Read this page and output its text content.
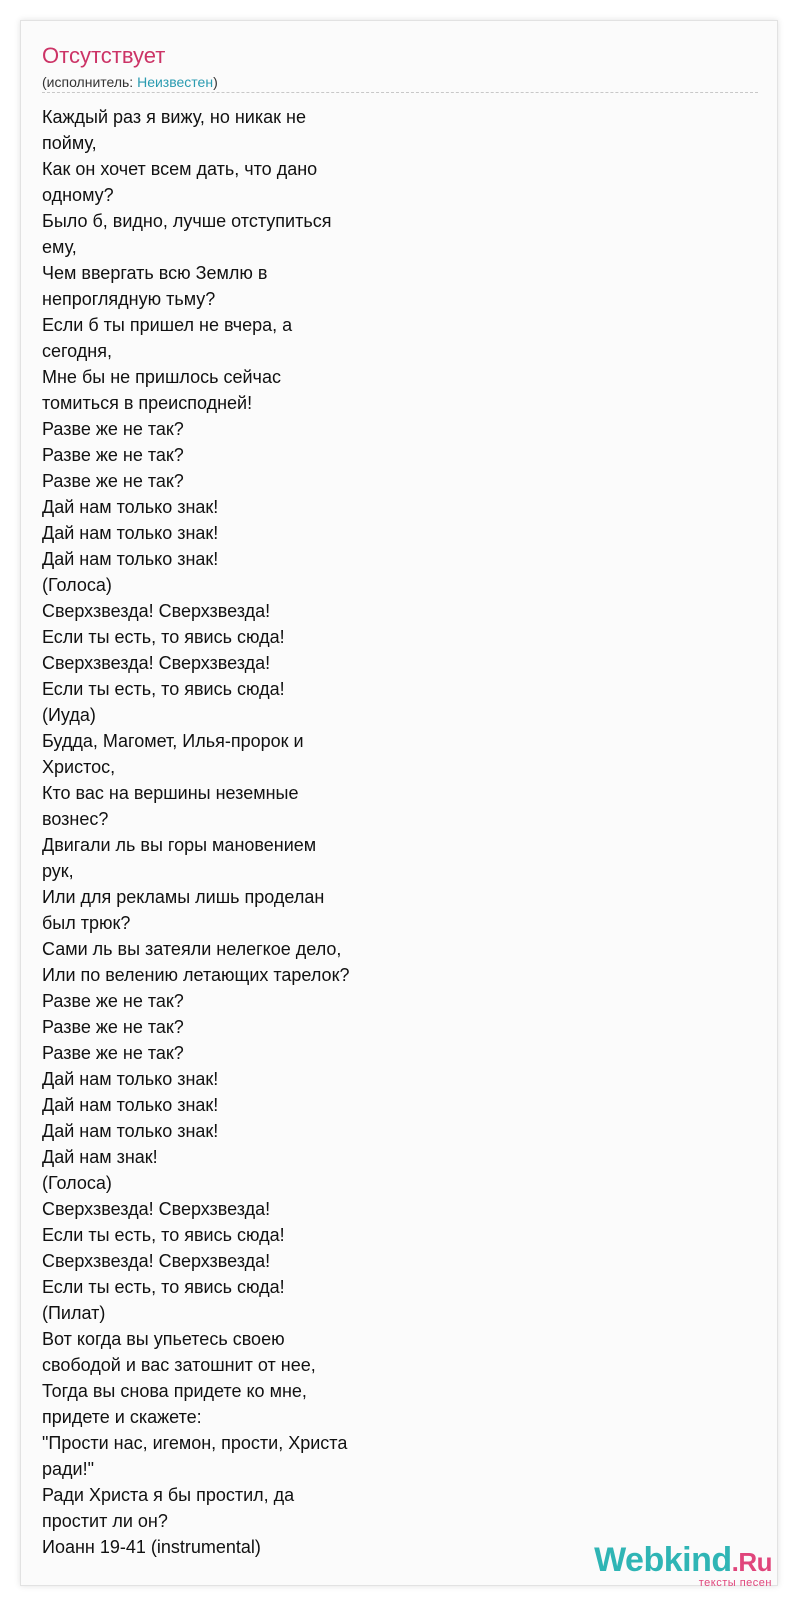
Отсутствует
(исполнитель: Неизвестен)
Каждый раз я вижу, но никак не
пойму,
Как он хочет всем дать, что дано
одному?
Было б, видно, лучше отступиться
ему,
Чем ввергать всю Землю в
непроглядную тьму?
Если б ты пришел не вчера, а
сегодня,
Мне бы не пришлось сейчас
томиться в преисподней!
Разве же не так?
Разве же не так?
Разве же не так?
Дай нам только знак!
Дай нам только знак!
Дай нам только знак!
(Голоса)
Сверхзвезда! Сверхзвезда!
Если ты есть, то явись сюда!
Сверхзвезда! Сверхзвезда!
Если ты есть, то явись сюда!
(Иуда)
Будда, Магомет, Илья-пророк и
Христос,
Кто вас на вершины неземные
вознес?
Двигали ль вы горы мановением
рук,
Или для рекламы лишь проделан
был трюк?
Сами ль вы затеяли нелегкое дело,
Или по велению летающих тарелок?
Разве же не так?
Разве же не так?
Разве же не так?
Дай нам только знак!
Дай нам только знак!
Дай нам только знак!
Дай нам знак!
(Голоса)
Сверхзвезда! Сверхзвезда!
Если ты есть, то явись сюда!
Сверхзвезда! Сверхзвезда!
Если ты есть, то явись сюда!
(Пилат)
Вот когда вы упьетесь своею
свободой и вас затошнит от нее,
Тогда вы снова придете ко мне,
придете и скажете:
"Прости нас, игемон, прости, Христа
ради!"
Ради Христа я бы простил, да
простит ли он?
Иоанн 19-41 (instrumental)	Webkind.Ru
тексты песен
